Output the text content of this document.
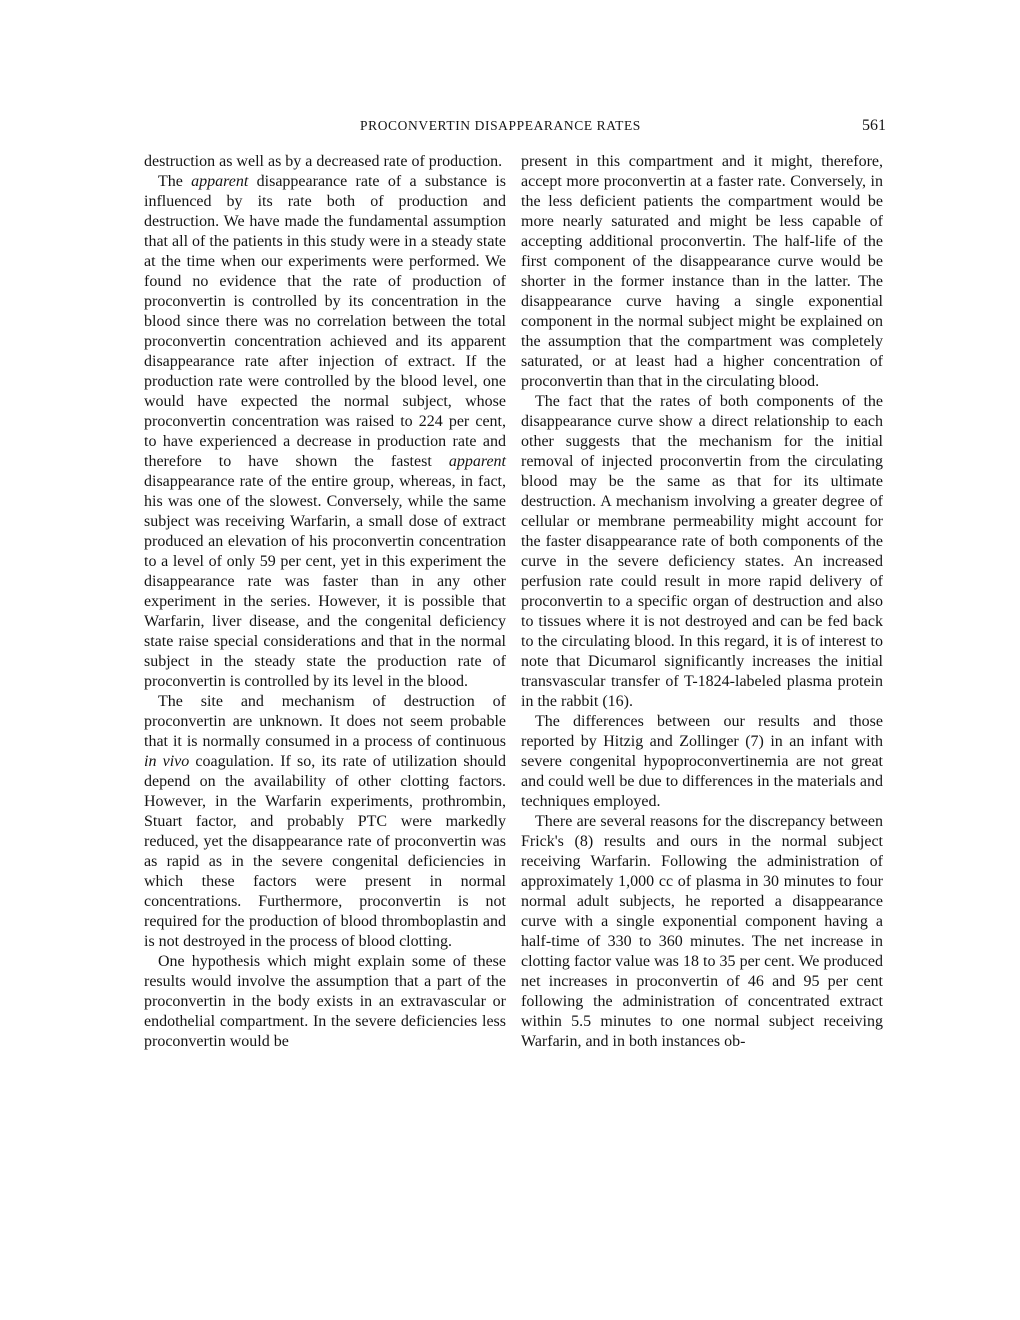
PROCONVERTIN DISAPPEARANCE RATES	561

destruction as well as by a decreased rate of production.

The apparent disappearance rate of a substance is influenced by its rate both of production and destruction. We have made the fundamental assumption that all of the patients in this study were in a steady state at the time when our experiments were performed. We found no evidence that the rate of production of proconvertin is controlled by its concentration in the blood since there was no correlation between the total proconvertin concentration achieved and its apparent disappearance rate after injection of extract. If the production rate were controlled by the blood level, one would have expected the normal subject, whose proconvertin concentration was raised to 224 per cent, to have experienced a decrease in production rate and therefore to have shown the fastest apparent disappearance rate of the entire group, whereas, in fact, his was one of the slowest. Conversely, while the same subject was receiving Warfarin, a small dose of extract produced an elevation of his proconvertin concentration to a level of only 59 per cent, yet in this experiment the disappearance rate was faster than in any other experiment in the series. However, it is possible that Warfarin, liver disease, and the congenital deficiency state raise special considerations and that in the normal subject in the steady state the production rate of proconvertin is controlled by its level in the blood.

The site and mechanism of destruction of proconvertin are unknown. It does not seem probable that it is normally consumed in a process of continuous in vivo coagulation. If so, its rate of utilization should depend on the availability of other clotting factors. However, in the Warfarin experiments, prothrombin, Stuart factor, and probably PTC were markedly reduced, yet the disappearance rate of proconvertin was as rapid as in the severe congenital deficiencies in which these factors were present in normal concentrations. Furthermore, proconvertin is not required for the production of blood thromboplastin and is not destroyed in the process of blood clotting.

One hypothesis which might explain some of these results would involve the assumption that a part of the proconvertin in the body exists in an extravascular or endothelial compartment. In the severe deficiencies less proconvertin would be

present in this compartment and it might, therefore, accept more proconvertin at a faster rate. Conversely, in the less deficient patients the compartment would be more nearly saturated and might be less capable of accepting additional proconvertin. The half-life of the first component of the disappearance curve would be shorter in the former instance than in the latter. The disappearance curve having a single exponential component in the normal subject might be explained on the assumption that the compartment was completely saturated, or at least had a higher concentration of proconvertin than that in the circulating blood.

The fact that the rates of both components of the disappearance curve show a direct relationship to each other suggests that the mechanism for the initial removal of injected proconvertin from the circulating blood may be the same as that for its ultimate destruction. A mechanism involving a greater degree of cellular or membrane permeability might account for the faster disappearance rate of both components of the curve in the severe deficiency states. An increased perfusion rate could result in more rapid delivery of proconvertin to a specific organ of destruction and also to tissues where it is not destroyed and can be fed back to the circulating blood. In this regard, it is of interest to note that Dicumarol significantly increases the initial transvascular transfer of T-1824-labeled plasma protein in the rabbit (16).

The differences between our results and those reported by Hitzig and Zollinger (7) in an infant with severe congenital hypoproconvertinemia are not great and could well be due to differences in the materials and techniques employed.

There are several reasons for the discrepancy between Frick's (8) results and ours in the normal subject receiving Warfarin. Following the administration of approximately 1,000 cc of plasma in 30 minutes to four normal adult subjects, he reported a disappearance curve with a single exponential component having a half-time of 330 to 360 minutes. The net increase in clotting factor value was 18 to 35 per cent. We produced net increases in proconvertin of 46 and 95 per cent following the administration of concentrated extract within 5.5 minutes to one normal subject receiving Warfarin, and in both instances ob-
